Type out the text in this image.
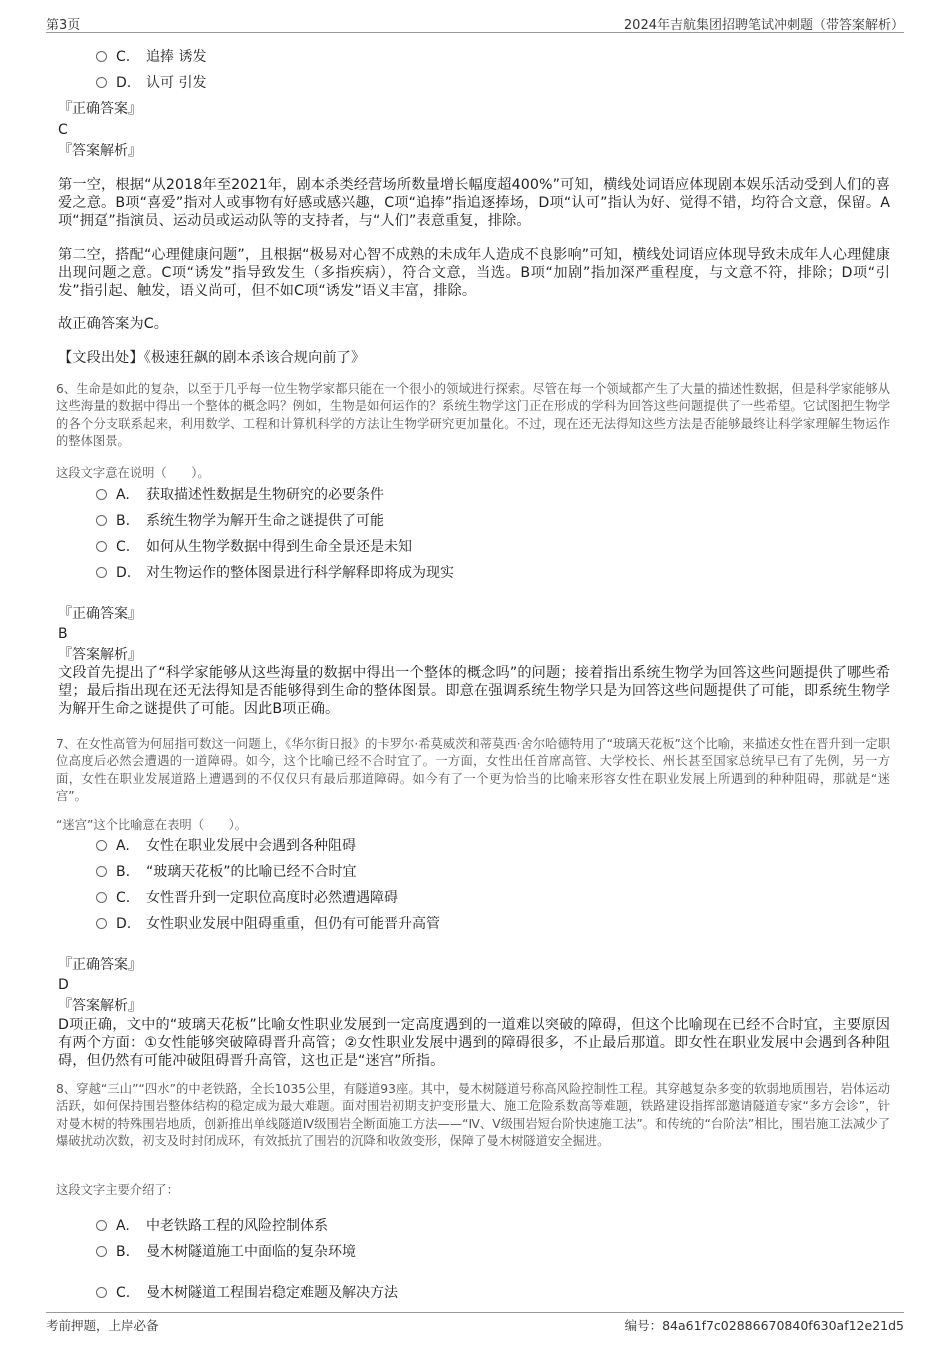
第3页	2024年吉航集团招聘笔试冲刺题（带答案解析）
C. 追捧 诱发
D. 认可 引发
『正确答案』
C
『答案解析』
第一空，根据“从2018年至2021年，剧本杀类经营场所数量增长幅度超400%”可知，横线处词语应体现剧本娱乐活动受到人们的喜爱之意。B项“喜爱”指对人或事物有好感或感兴趣，C项“追捧”指追逐捧场，D项“认可”指认为好、觉得不错，均符合文意，保留。A项“拥趸”指演员、运动员或运动队等的支持者，与“人们”表意重复，排除。
第二空，搭配“心理健康问题”，且根据“极易对心智不成熟的未成年人造成不良影响”可知，横线处词语应体现导致未成年人心理健康出现问题之意。C项“诱发”指导致发生（多指疾病），符合文意，当选。B项“加剧”指加深严重程度，与文意不符，排除；D项“引发”指引起、触发，语义尚可，但不如C项“诱发”语义丰富，排除。
故正确答案为C。
【文段出处】《极速狂飙的剧本杀该合规向前了》
6、生命是如此的复杂，以至于几乎每一位生物学家都只能在一个很小的领域进行探索。尽管在每一个领域都产生了大量的描述性数据，但是科学家能够从这些海量的数据中得出一个整体的概念吗？例如，生物是如何运作的？系统生物学这门正在形成的学科为回答这些问题提供了一些希望。它试图把生物学的各个分支联系起来，利用数学、工程和计算机科学的方法让生物学研究更加量化。不过，现在还无法得知这些方法是否能够最终让科学家理解生物运作的整体图景。
这段文字意在说明（　　）。
A. 获取描述性数据是生物研究的必要条件
B. 系统生物学为解开生命之谜提供了可能
C. 如何从生物学数据中得到生命全景还是未知
D. 对生物运作的整体图景进行科学解释即将成为现实
『正确答案』
B
『答案解析』
文段首先提出了“科学家能够从这些海量的数据中得出一个整体的概念吗”的问题；接着指出系统生物学为回答这些问题提供了哪些希望；最后指出现在还无法得知是否能够得到生命的整体图景。即意在强调系统生物学只是为回答这些问题提供了可能，即系统生物学为解开生命之谜提供了可能。因此B项正确。
7、在女性高管为何屈指可数这一问题上，《华尔街日报》的卡罗尔·希莫威茨和蒂莫西·舍尔哈德特用了“玻璃天花板”这个比喻，来描述女性在晋升到一定职位高度后必然会遭遇的一道障碍。如今，这个比喻已经不合时宜了。一方面，女性出任首席高管、大学校长、州长甚至国家总统早已有了先例，另一方面，女性在职业发展道路上遭遇到的不仅仅只有最后那道障碍。如今有了一个更为恰当的比喻来形容女性在职业发展上所遇到的种种阻碍，那就是“迷宫”。
“迷宫”这个比喻意在表明（　　）。
A. 女性在职业发展中会遇到各种阻碍
B. “玻璃天花板”的比喻已经不合时宜
C. 女性晋升到一定职位高度时必然遭遇障碍
D. 女性职业发展中阻碍重重，但仍有可能晋升高管
『正确答案』
D
『答案解析』
D项正确，文中的“玻璃天花板”比喻女性职业发展到一定高度遇到的一道难以突破的障碍，但这个比喻现在已经不合时宜，主要原因有两个方面：①女性能够突破障碍晋升高管；②女性职业发展中遇到的障碍很多，不止最后那道。即女性在职业发展中会遇到各种阻碍，但仍然有可能冲破阻碍晋升高管，这也正是“迷宫”所指。
8、穿越“三山”“四水”的中老铁路，全长1035公里，有隧道93座。其中，曼木树隧道号称高风险控制性工程。其穿越复杂多变的软弱地质围岩，岩体运动活跃，如何保持围岩整体结构的稳定成为最大难题。面对围岩初期支护变形量大、施工危险系数高等难题，铁路建设指挥部邀请隧道专家“多方会诊”，针对曼木树的特殊围岩地质，创新推出单线隧道Ⅳ级围岩全断面施工方法——“Ⅳ、Ⅴ级围岩短台阶快速施工法”。和传统的“台阶法”相比，围岩施工法减少了爆破扰动次数，初支及时封闭成环，有效抵抗了围岩的沉降和收敛变形，保障了曼木树隧道安全掘进。
这段文字主要介绍了：
A. 中老铁路工程的风险控制体系
B. 曼木树隧道施工中面临的复杂环境
C. 曼木树隧道工程围岩稳定难题及解决方法
考前押题，上岸必备	编号：84a61f7c02886670840f630af12e21d5
